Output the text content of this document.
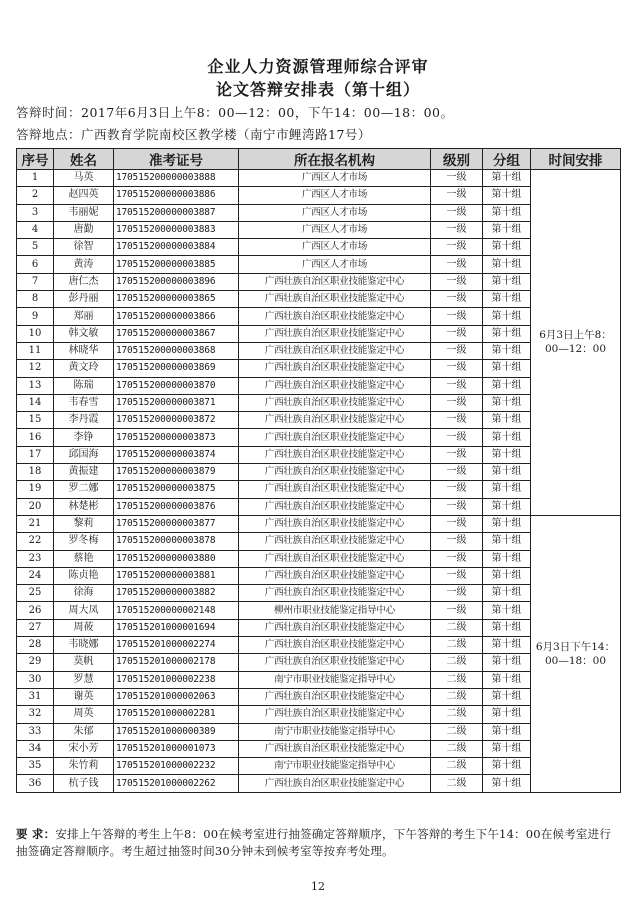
企业人力资源管理师综合评审
论文答辩安排表（第十组）
答辩时间：2017年6月3日上午8：00—12：00，下午14：00—18：00。
答辩地点：广西教育学院南校区教学楼（南宁市鲤湾路17号）
序号	姓名	准考证号	所在报名机构	级别	分组	时间安排
1	马英	170515200000003888	广西区人才市场	一级	第十组	6月3日上午8：00—12：00
2	赵四英	170515200000003886	广西区人才市场	一级	第十组	
3	韦丽妮	170515200000003887	广西区人才市场	一级	第十组	
4	唐勤	170515200000003883	广西区人才市场	一级	第十组	
5	徐智	170515200000003884	广西区人才市场	一级	第十组	
6	黄涛	170515200000003885	广西区人才市场	一级	第十组	
7	唐仁杰	170515200000003896	广西壮族自治区职业技能鉴定中心	一级	第十组	
8	彭丹丽	170515200000003865	广西壮族自治区职业技能鉴定中心	一级	第十组	
9	郑丽	170515200000003866	广西壮族自治区职业技能鉴定中心	一级	第十组	
10	韩文敏	170515200000003867	广西壮族自治区职业技能鉴定中心	一级	第十组	
11	林晓华	170515200000003868	广西壮族自治区职业技能鉴定中心	一级	第十组	
12	黄文玲	170515200000003869	广西壮族自治区职业技能鉴定中心	一级	第十组	
13	陈瑞	170515200000003870	广西壮族自治区职业技能鉴定中心	一级	第十组	
14	韦春雪	170515200000003871	广西壮族自治区职业技能鉴定中心	一级	第十组	
15	李丹霞	170515200000003872	广西壮族自治区职业技能鉴定中心	一级	第十组	
16	李铮	170515200000003873	广西壮族自治区职业技能鉴定中心	一级	第十组	
17	邱国海	170515200000003874	广西壮族自治区职业技能鉴定中心	一级	第十组	
18	黄振建	170515200000003879	广西壮族自治区职业技能鉴定中心	一级	第十组	
19	罗二娜	170515200000003875	广西壮族自治区职业技能鉴定中心	一级	第十组	
20	林楚彬	170515200000003876	广西壮族自治区职业技能鉴定中心	一级	第十组	
21	黎莉	170515200000003877	广西壮族自治区职业技能鉴定中心	一级	第十组	6月3日下午14：00—18：00
22	罗冬梅	170515200000003878	广西壮族自治区职业技能鉴定中心	一级	第十组	
23	蔡艳	170515200000003880	广西壮族自治区职业技能鉴定中心	一级	第十组	
24	陈贞艳	170515200000003881	广西壮族自治区职业技能鉴定中心	一级	第十组	
25	徐海	170515200000003882	广西壮族自治区职业技能鉴定中心	一级	第十组	
26	周大凤	170515200000002148	柳州市职业技能鉴定指导中心	一级	第十组	
27	周莜	170515201000001694	广西壮族自治区职业技能鉴定中心	二级	第十组	
28	韦晓娜	170515201000002274	广西壮族自治区职业技能鉴定中心	二级	第十组	
29	莫帆	170515201000002178	广西壮族自治区职业技能鉴定中心	二级	第十组	
30	罗慧	170515201000002238	南宁市职业技能鉴定指导中心	二级	第十组	
31	谢英	170515201000002063	广西壮族自治区职业技能鉴定中心	二级	第十组	
32	周英	170515201000002281	广西壮族自治区职业技能鉴定中心	二级	第十组	
33	朱郁	170515201000000389	南宁市职业技能鉴定指导中心	二级	第十组	
34	宋小芳	170515201000001073	广西壮族自治区职业技能鉴定中心	二级	第十组	
35	朱竹莉	170515201000002232	南宁市职业技能鉴定指导中心	二级	第十组	
36	杭子钱	170515201000002262	广西壮族自治区职业技能鉴定中心	二级	第十组	
要 求：安排上午答辩的考生上午8：00在候考室进行抽签确定答辩顺序，下午答辩的考生下午14：00在候考室进行抽签确定答辩顺序。考生超过抽签时间30分钟未到候考室等按弃考处理。
12
